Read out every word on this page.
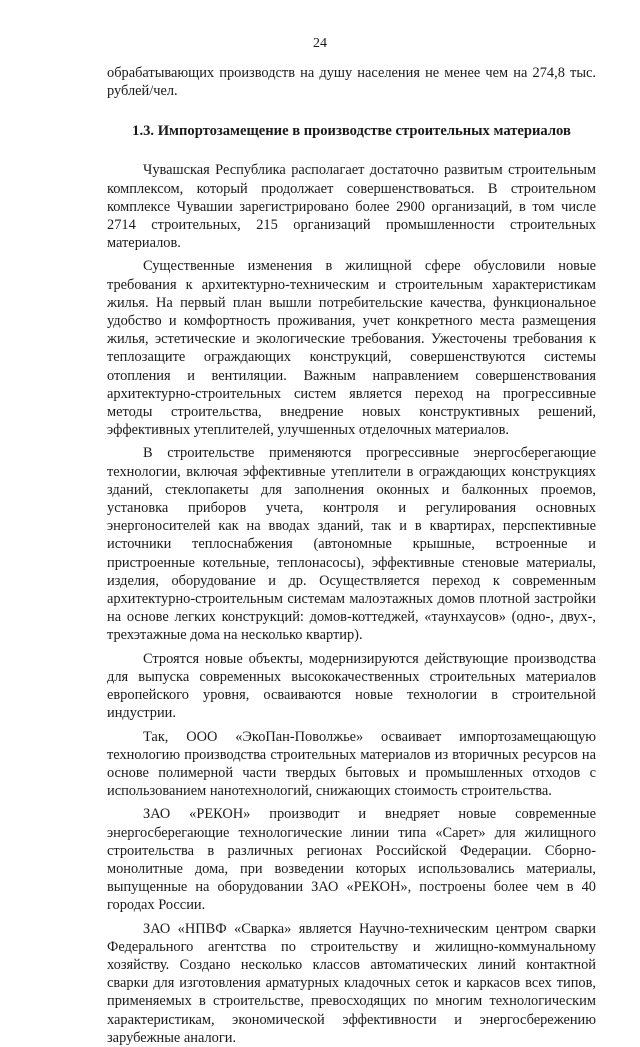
24

обрабатывающих производств на душу населения не менее чем на 274,8 тыс. рублей/чел.

1.3. Импортозамещение в производстве строительных материалов

Чувашская Республика располагает достаточно развитым строительным комплексом, который продолжает совершенствоваться. В строительном комплексе Чувашии зарегистрировано более 2900 организаций, в том числе 2714 строительных, 215 организаций промышленности строительных материалов.

Существенные изменения в жилищной сфере обусловили новые требования к архитектурно-техническим и строительным характеристикам жилья. На первый план вышли потребительские качества, функциональное удобство и комфортность проживания, учет конкретного места размещения жилья, эстетические и экологические требования. Ужесточены требования к теплозащите ограждающих конструкций, совершенствуются системы отопления и вентиляции. Важным направлением совершенствования архитектурно-строительных систем является переход на прогрессивные методы строительства, внедрение новых конструктивных решений, эффективных утеплителей, улучшенных отделочных материалов.

В строительстве применяются прогрессивные энергосберегающие технологии, включая эффективные утеплители в ограждающих конструкциях зданий, стеклопакеты для заполнения оконных и балконных проемов, установка приборов учета, контроля и регулирования основных энергоносителей как на вводах зданий, так и в квартирах, перспективные источники теплоснабжения (автономные крышные, встроенные и пристроенные котельные, теплонасосы), эффективные стеновые материалы, изделия, оборудование и др. Осуществляется переход к современным архитектурно-строительным системам малоэтажных домов плотной застройки на основе легких конструкций: домов-коттеджей, «таунхаусов» (одно-, двух-, трехэтажные дома на несколько квартир).

Строятся новые объекты, модернизируются действующие производства для выпуска современных высококачественных строительных материалов европейского уровня, осваиваются новые технологии в строительной индустрии.

Так, ООО «ЭкоПан-Поволжье» осваивает импортозамещающую технологию производства строительных материалов из вторичных ресурсов на основе полимерной части твердых бытовых и промышленных отходов с использованием нанотехнологий, снижающих стоимость строительства.

ЗАО «РЕКОН» производит и внедряет новые современные энергосберегающие технологические линии типа «Сарет» для жилищного строительства в различных регионах Российской Федерации. Сборно-монолитные дома, при возведении которых использовались материалы, выпущенные на оборудовании ЗАО «РЕКОН», построены более чем в 40 городах России.

ЗАО «НПВФ «Сварка» является Научно-техническим центром сварки Федерального агентства по строительству и жилищно-коммунальному хозяйству. Создано несколько классов автоматических линий контактной сварки для изготовления арматурных кладочных сеток и каркасов всех типов, применяемых в строительстве, превосходящих по многим технологическим характеристикам, экономической эффективности и энергосбережению зарубежные аналоги.
